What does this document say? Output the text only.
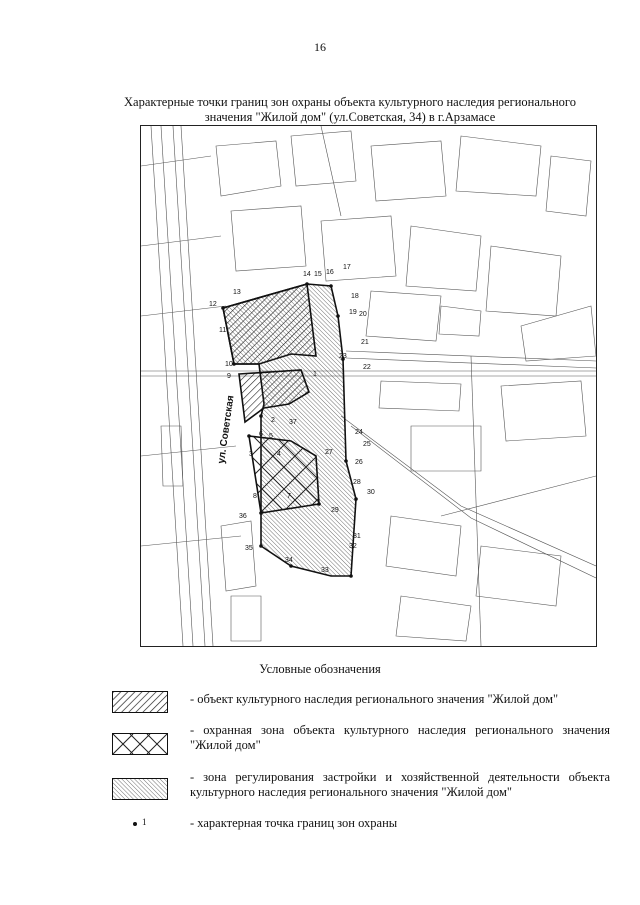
16
Характерные точки границ зон охраны объекта культурного наследия регионального
значения "Жилой дом" (ул.Советская, 34) в г.Арзамасе
12
13
14 15 16
17
18
19 20
21
22
23
24
25
26
27
28
29
30
31
32
33
34
35
36
37
11
10
9
8	7
3	4
5
6
2
1
ул. Советская
Условные обозначения
- объект культурного наследия регионального значения "Жилой дом"
- охранная зона объекта культурного наследия регионального значения "Жилой дом"
- зона регулирования застройки и хозяйственной деятельности объекта культурного наследия регионального значения "Жилой дом"
1	- характерная точка границ зон охраны
